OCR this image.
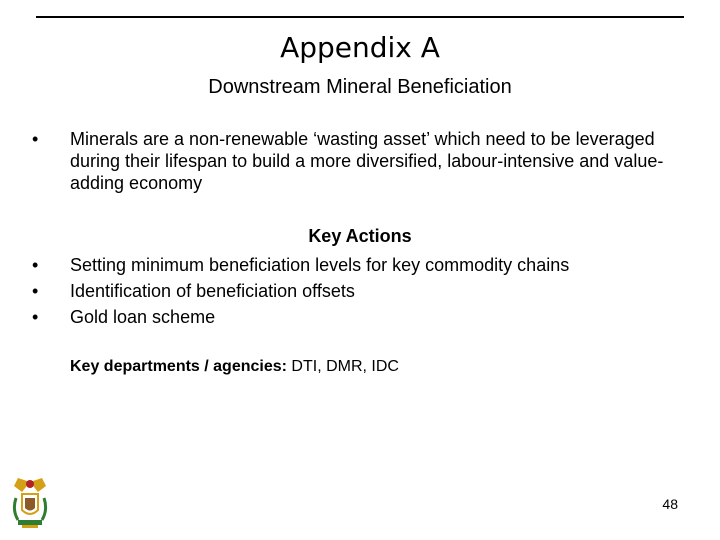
Appendix A
Downstream Mineral Beneficiation
•	Minerals are a non-renewable ‘wasting asset’ which need to be leveraged during their lifespan to build a more diversified, labour-intensive and value-adding economy
Key Actions
•	Setting minimum beneficiation levels for key commodity chains
•	Identification of beneficiation offsets
•	Gold loan scheme
Key departments / agencies: DTI, DMR, IDC
48
